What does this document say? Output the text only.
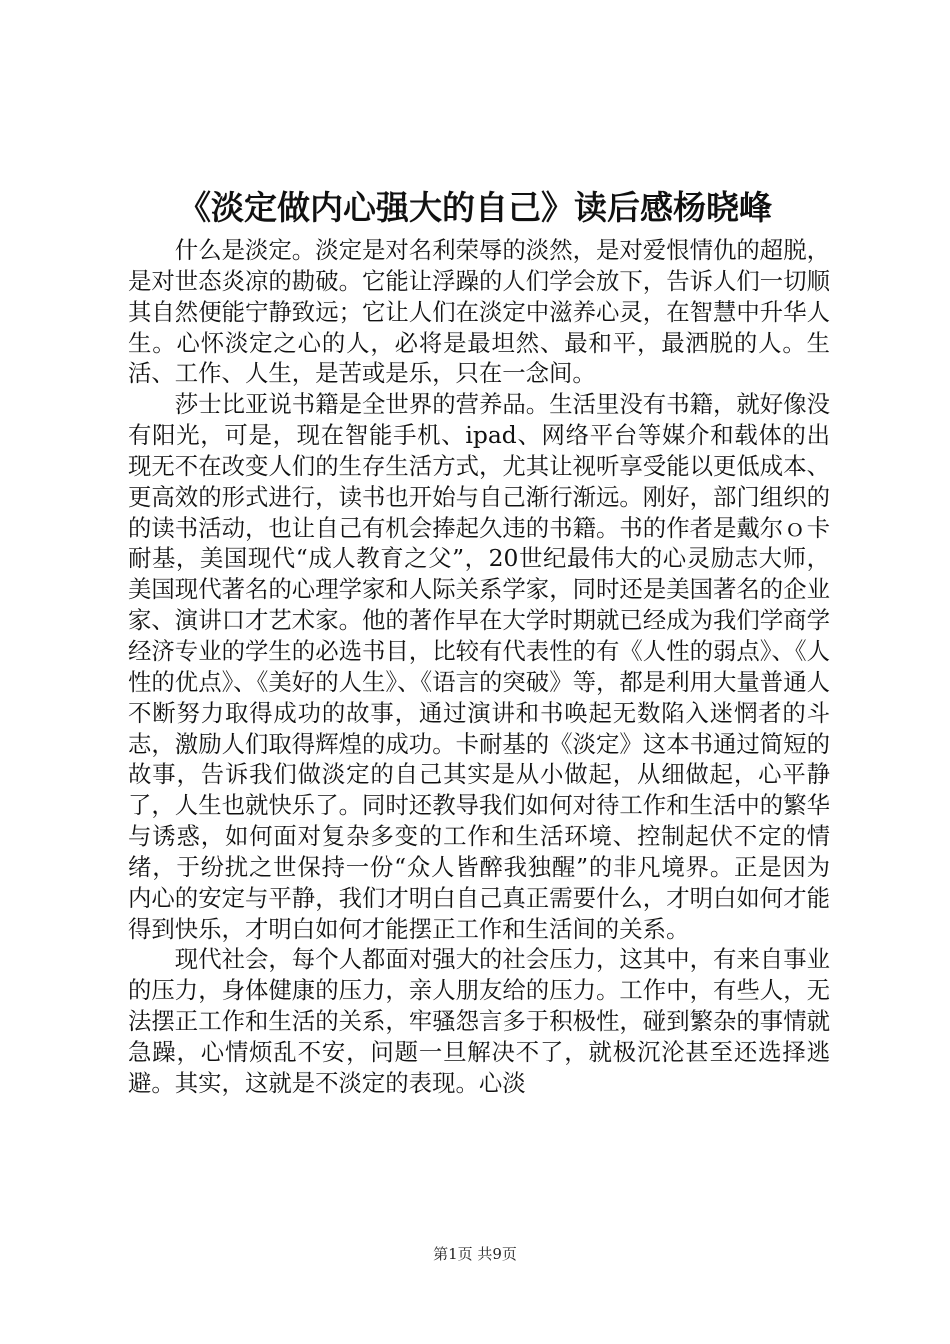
《淡定做内心强大的自己》读后感杨晓峰

什么是淡定。淡定是对名利荣辱的淡然，是对爱恨情仇的超脱，是对世态炎凉的勘破。它能让浮躁的人们学会放下，告诉人们一切顺其自然便能宁静致远；它让人们在淡定中滋养心灵，在智慧中升华人生。心怀淡定之心的人，必将是最坦然、最和平，最洒脱的人。生活、工作、人生，是苦或是乐，只在一念间。

莎士比亚说书籍是全世界的营养品。生活里没有书籍，就好像没有阳光，可是，现在智能手机、ipad、网络平台等媒介和载体的出现无不在改变人们的生存生活方式，尤其让视听享受能以更低成本、更高效的形式进行，读书也开始与自己渐行渐远。刚好，部门组织的的读书活动，也让自己有机会捧起久违的书籍。书的作者是戴尔ｏ卡耐基，美国现代“成人教育之父”，20世纪最伟大的心灵励志大师，美国现代著名的心理学家和人际关系学家，同时还是美国著名的企业家、演讲口才艺术家。他的著作早在大学时期就已经成为我们学商学经济专业的学生的必选书目，比较有代表性的有《人性的弱点》、《人性的优点》、《美好的人生》、《语言的突破》等，都是利用大量普通人不断努力取得成功的故事，通过演讲和书唤起无数陷入迷惘者的斗志，激励人们取得辉煌的成功。卡耐基的《淡定》这本书通过简短的故事，告诉我们做淡定的自己其实是从小做起，从细做起，心平静了，人生也就快乐了。同时还教导我们如何对待工作和生活中的繁华与诱惑，如何面对复杂多变的工作和生活环境、控制起伏不定的情绪，于纷扰之世保持一份“众人皆醉我独醒”的非凡境界。正是因为内心的安定与平静，我们才明白自己真正需要什么，才明白如何才能得到快乐，才明白如何才能摆正工作和生活间的关系。

现代社会，每个人都面对强大的社会压力，这其中，有来自事业的压力，身体健康的压力，亲人朋友给的压力。工作中，有些人，无法摆正工作和生活的关系，牢骚怨言多于积极性，碰到繁杂的事情就急躁，心情烦乱不安，问题一旦解决不了，就极沉沦甚至还选择逃避。其实，这就是不淡定的表现。心淡

第1页 共9页
